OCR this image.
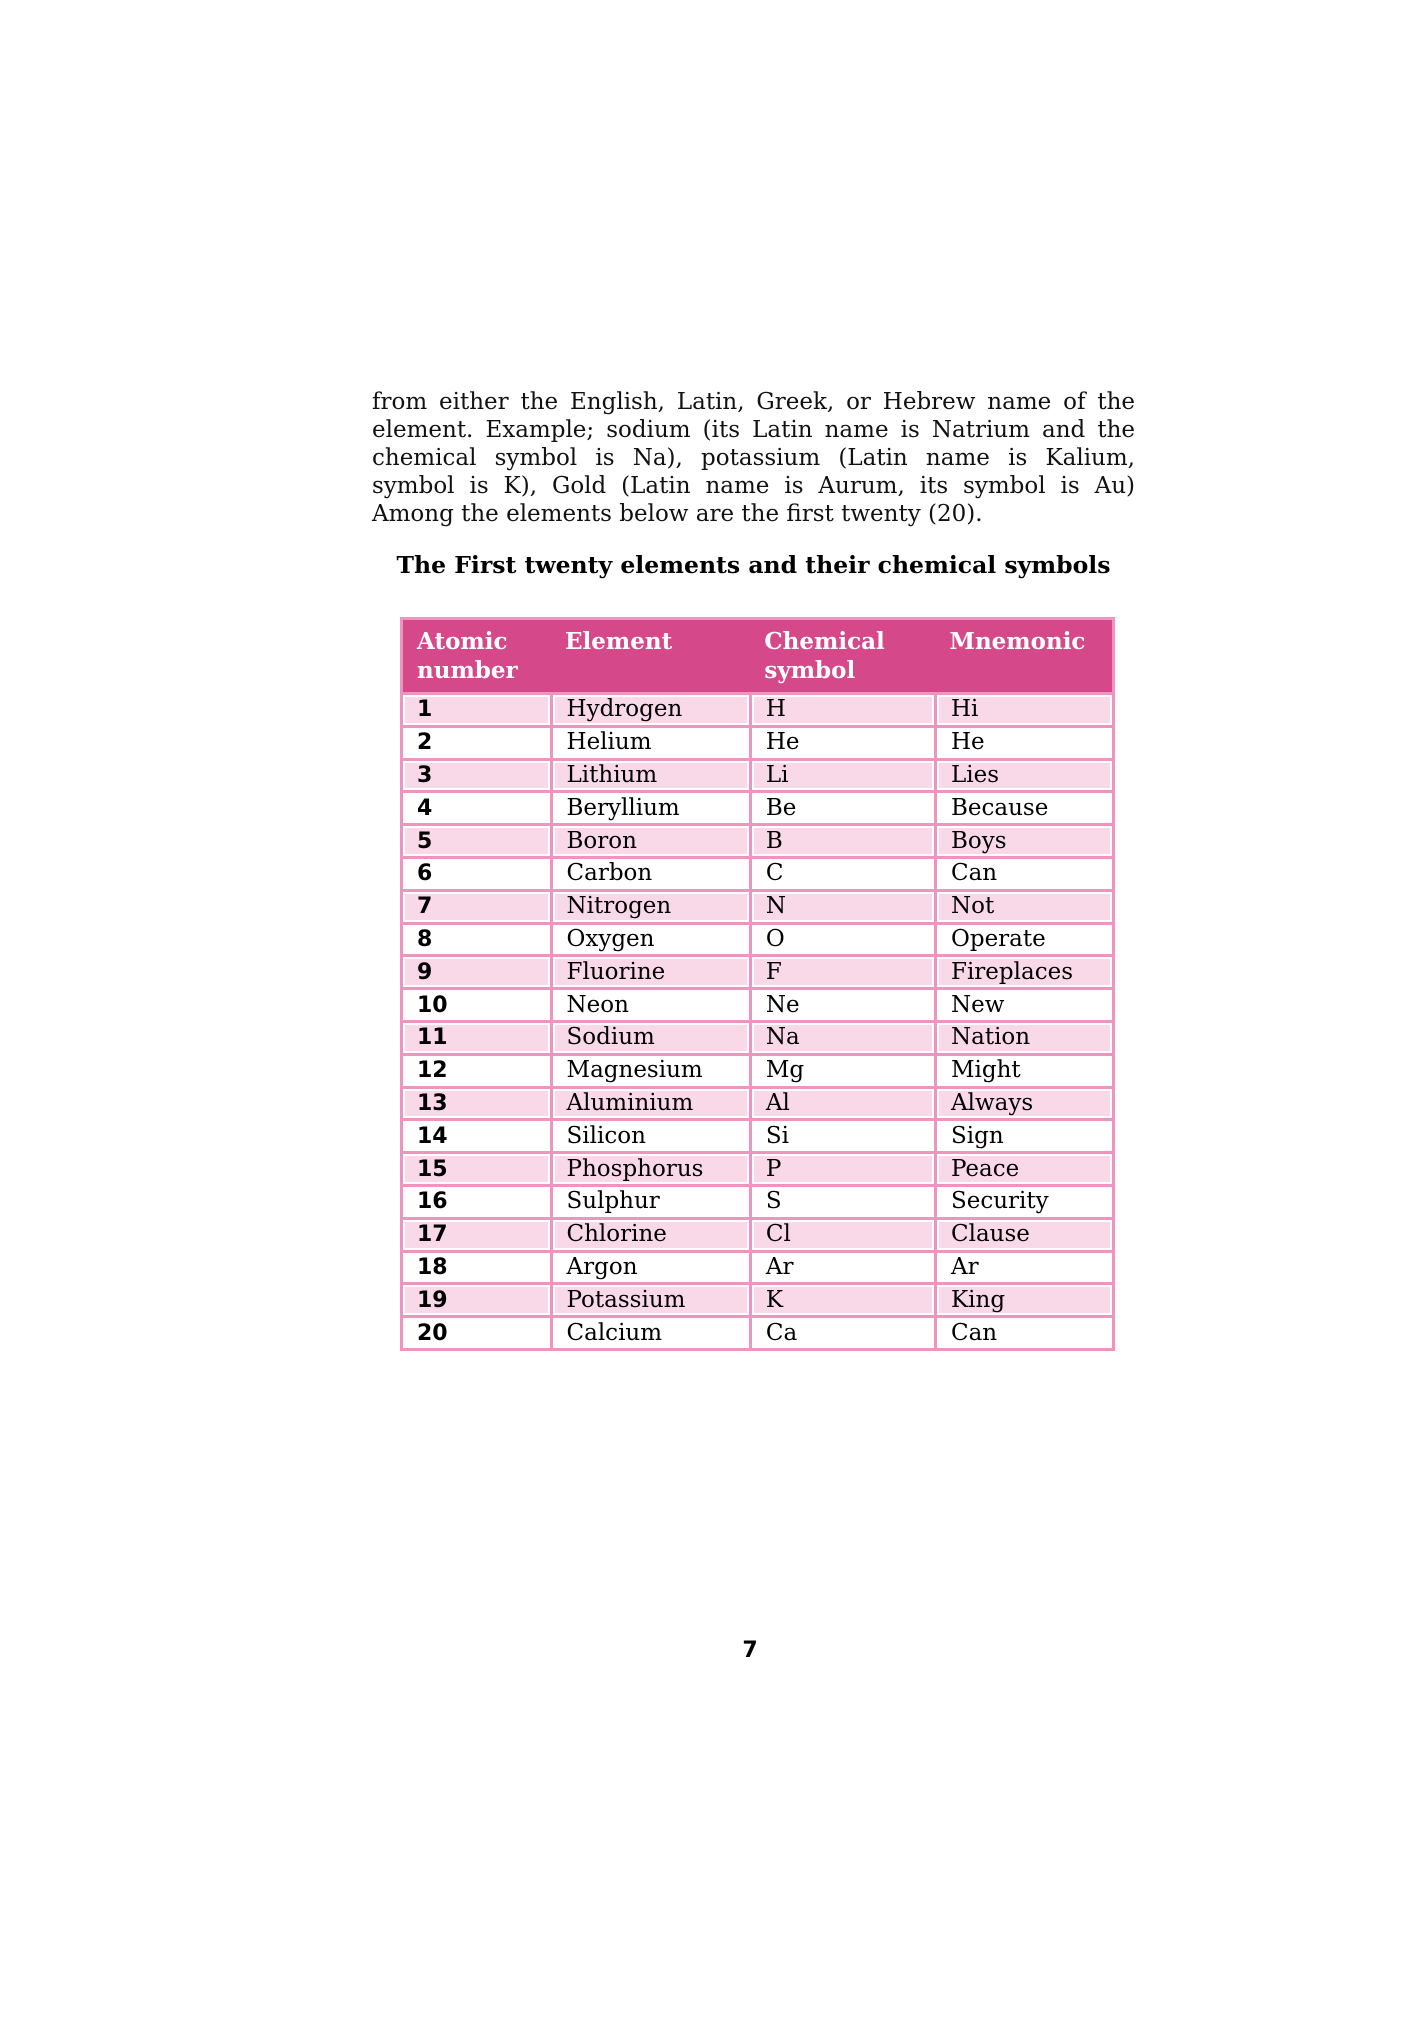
from either the English, Latin, Greek, or Hebrew name of the element. Example; sodium (its Latin name is Natrium and the chemical symbol is Na), potassium (Latin name is Kalium, symbol is K), Gold (Latin name is Aurum, its symbol is Au) Among the elements below are the first twenty (20).

The First twenty elements and their chemical symbols
Atomic number	Element	Chemical symbol	Mnemonic
1	Hydrogen	H	Hi
2	Helium	He	He
3	Lithium	Li	Lies
4	Beryllium	Be	Because
5	Boron	B	Boys
6	Carbon	C	Can
7	Nitrogen	N	Not
8	Oxygen	O	Operate
9	Fluorine	F	Fireplaces
10	Neon	Ne	New
11	Sodium	Na	Nation
12	Magnesium	Mg	Might
13	Aluminium	Al	Always
14	Silicon	Si	Sign
15	Phosphorus	P	Peace
16	Sulphur	S	Security
17	Chlorine	Cl	Clause
18	Argon	Ar	Ar
19	Potassium	K	King
20	Calcium	Ca	Can
7
